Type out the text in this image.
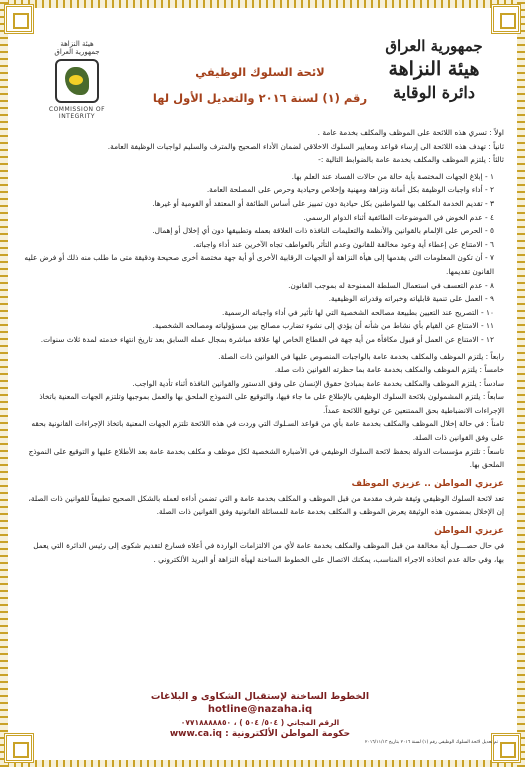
هيئة النزاهة
جمهورية العراق
COMMISSION OF INTEGRITY
جمهورية العراق
هيئة النزاهة
دائرة الوقاية
لائحة السلوك الوظيفي
رقم (١) لسنة ٢٠١٦ والتعديل الأول لها

اولاً : تسري هذه اللائحة على الموظف والمكلف بخدمة عامة .

ثانياً : تهدف هذه اللائحة الى إرساء قواعد ومعايير السلوك الاخلاقي لضمان الأداء الصحيح والمترف والسليم لواجبات الوظيفة العامة.

ثالثاً : يلتزم الموظف والمكلف بخدمة عامة بالضوابط التالية :-

١ - إبلاغ الجهات المختصة بأية حالة من حالات الفساد عند العلم بها.

٢ - أداء واجبات الوظيفة بكل أمانة ونزاهة ومهنية وإخلاص وحيادية وحرص على المصلحة العامة.

٣ - تقديم الخدمة المكلف بها للمواطنين بكل حيادية دون تمييز على أساس الطائفة أو المعتقد أو القومية أو غيرها.

٤ - عدم الخوض في الموضوعات الطائفية أثناء الدوام الرسمي.

٥ - الحرص على الإلمام بالقوانين والأنظمة والتعليمات النافذة ذات العلاقة بعمله وتطبيقها دون أي إخلال أو إهمال.

٦ - الامتناع عن إعطاء أية وعود مخالفة للقانون وعدم التأثر بالعواطف تجاه الآخرين عند أداء واجباته.

٧ - أن تكون المعلومات التي يقدمها إلى هيأة النزاهة أو الجهات الرقابية الأخرى أو أية جهة مختصة أخرى صحيحة ودقيقة متى ما طلب منه ذلك أو فرض عليه القانون تقديمها.

٨ - عدم التعسف في استعمال السلطة الممنوحة له بموجب القانون.

٩ - العمل على تنمية قابلياته وخبراته وقدراته الوظيفية.

١٠ - التصريح عند التعيين بطبيعة مصالحه الشخصية التي لها تأثير في أداء واجباته الرسمية.

١١ - الامتناع عن القيام بأي نشاط من شأنه أن يؤدي إلى نشوء تضارب مصالح بين مسؤولياته ومصالحه الشخصية.

١٢ - الامتناع عن العمل أو قبول مكافأة من أية جهة في القطاع الخاص لها علاقة مباشرة بمجال عمله السابق بعد تاريخ انتهاء خدمته لمدة ثلاث سنوات.

رابعاً : يلتزم الموظف والمكلف بخدمة عامة بالواجبات المنصوص عليها في القوانين ذات الصلة.

خامساً : يلتزم الموظف والمكلف بخدمة عامة بما حظرته القوانين ذات صلة.

سادساً : يلتزم الموظف والمكلف بخدمة عامة بمبادئ حقوق الإنسان على وفق الدستور والقوانين النافذة أثناء تأدية الواجب.

سابعاً : يلتزم المشمولون بلائحة السلوك الوظيفي بالإطلاع على ما جاء فيها، والتوقيع على النموذج الملحق بها والعمل بموجبها وتلتزم الجهات المعنية باتخاذ الإجراءات الانضباطية بحق الممتنعين عن توقيع اللائحة عمداً.

ثامناً : في حالة إخلال الموظف والمكلف بخدمة عامة بأي من قواعد السـلوك التي وردت في هذه اللائحة تلتزم الجهات المعنية باتخاذ الإجراءات القانونية بحقه على وفق القوانين ذات الصلة.

تاسعاً : تلتزم مؤسسات الدولة بحفظ لائحة السلوك الوظيفي في الأضبارة الشخصية لكل موظف و مكلف بخدمة عامة بعد الأطلاع عليها و التوقيع على النموذج الملحق بها.

عزيزي المواطن .. عزيزي الموظف

تعد لائحة السلوك الوظيفي وثيقة شرف مقدمة من قبل الموظف و المكلف بخدمة عامة و التي تضمن أداءه لعمله بالشكل الصحيح تطبيقاً للقوانين ذات الصلة، إن الإخلال بمضمون هذه الوثيقة يعرض الموظف و المكلف بخدمة عامة للمسائلة القانونية وفق القوانين ذات الصلة.

عزيزي المواطن

في حال حصـــول أية مخالفة من قبل الموظف والمكلف بخدمة عامة لأي من الالتزامات الواردة في أعلاه فسارع لتقديم شكوى إلى رئيس الدائرة التي يعمل بها، وفي حالة عدم اتخاذه الاجراء المناسب، يمكنك الاتصال على الخطوط الساخنة لهيأة النزاهة أو البريد الألكتروني .

الخطوط الساخنة لإستقبال الشكاوى و البلاغات
hotline@nazaha.iq
الرقم المجاني ( ٥٠٤/ ٥٠٤ ) ، ٠٧٧١٨٨٨٨٨٥٠
حكومة المواطن الألكترونية : www.ca.iq
تم تعديل لائحة السلوك الوظيفي رقم (١) لسنة ٢٠١٦ بتاريخ ٢٠١٦/١١/١٣
